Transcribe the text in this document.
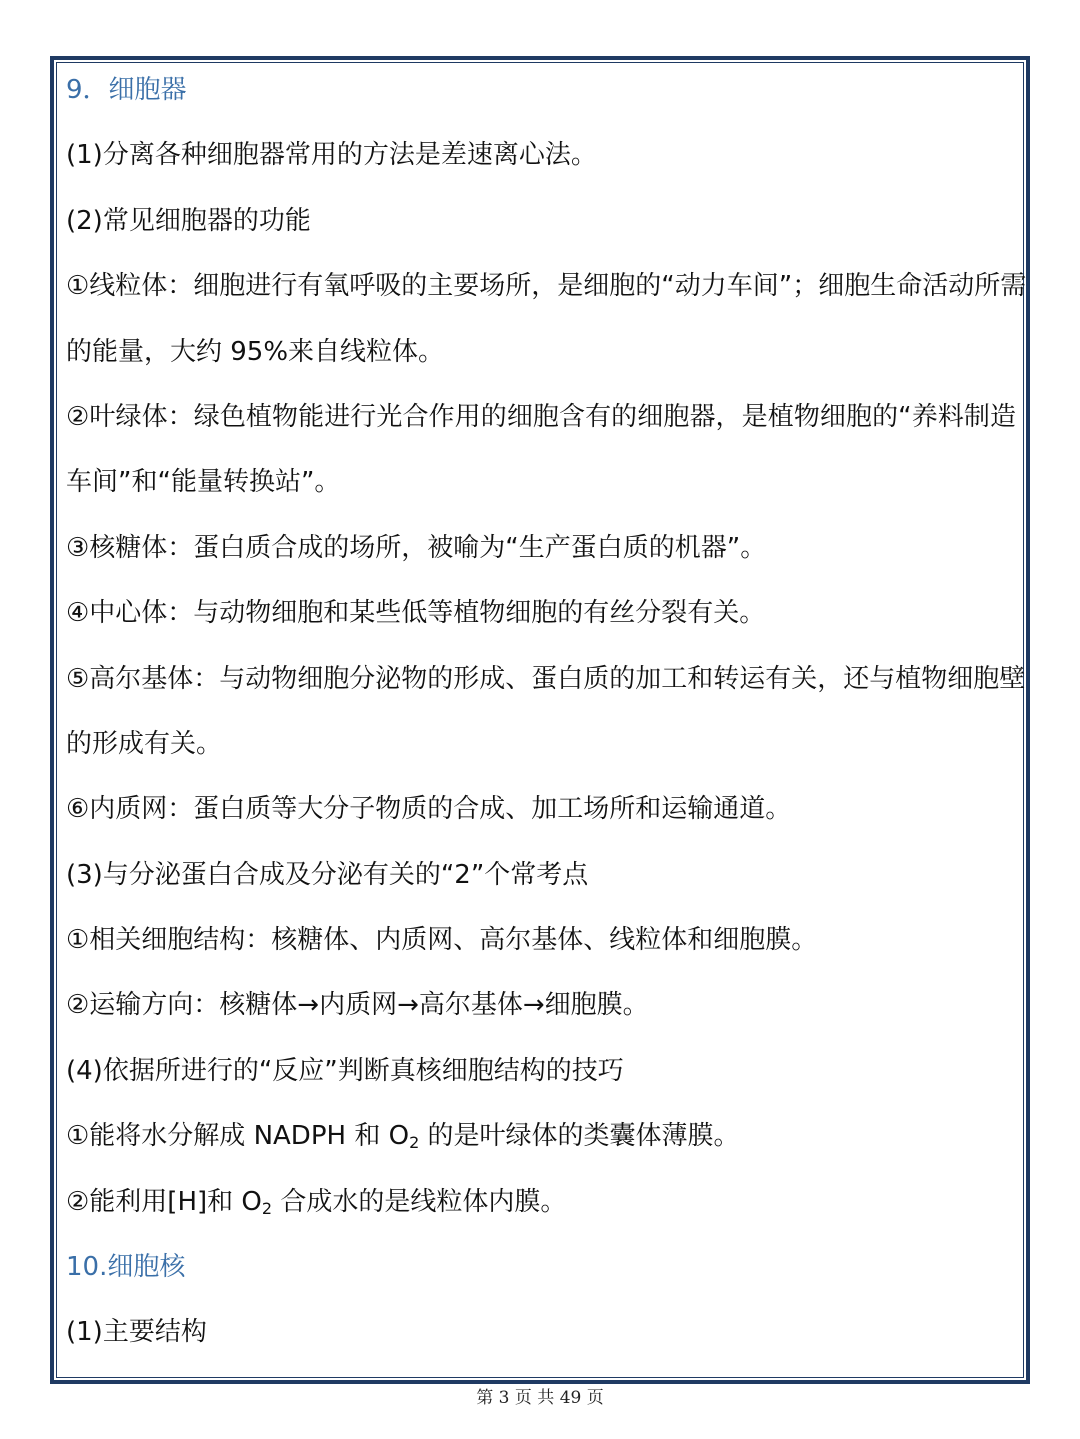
9．细胞器
(1)分离各种细胞器常用的方法是差速离心法。
(2)常见细胞器的功能
①线粒体：细胞进行有氧呼吸的主要场所，是细胞的“动力车间”；细胞生命活动所需
的能量，大约 95%来自线粒体。
②叶绿体：绿色植物能进行光合作用的细胞含有的细胞器，是植物细胞的“养料制造
车间”和“能量转换站”。
③核糖体：蛋白质合成的场所，被喻为“生产蛋白质的机器”。
④中心体：与动物细胞和某些低等植物细胞的有丝分裂有关。
⑤高尔基体：与动物细胞分泌物的形成、蛋白质的加工和转运有关，还与植物细胞壁
的形成有关。
⑥内质网：蛋白质等大分子物质的合成、加工场所和运输通道。
(3)与分泌蛋白合成及分泌有关的“2”个常考点
①相关细胞结构：核糖体、内质网、高尔基体、线粒体和细胞膜。
②运输方向：核糖体→内质网→高尔基体→细胞膜。
(4)依据所进行的“反应”判断真核细胞结构的技巧
①能将水分解成 NADPH 和 $O_2$ 的是叶绿体的类囊体薄膜。
②能利用[H]和 $O_2$ 合成水的是线粒体内膜。
10.细胞核
(1)主要结构
第 3 页 共 49 页
